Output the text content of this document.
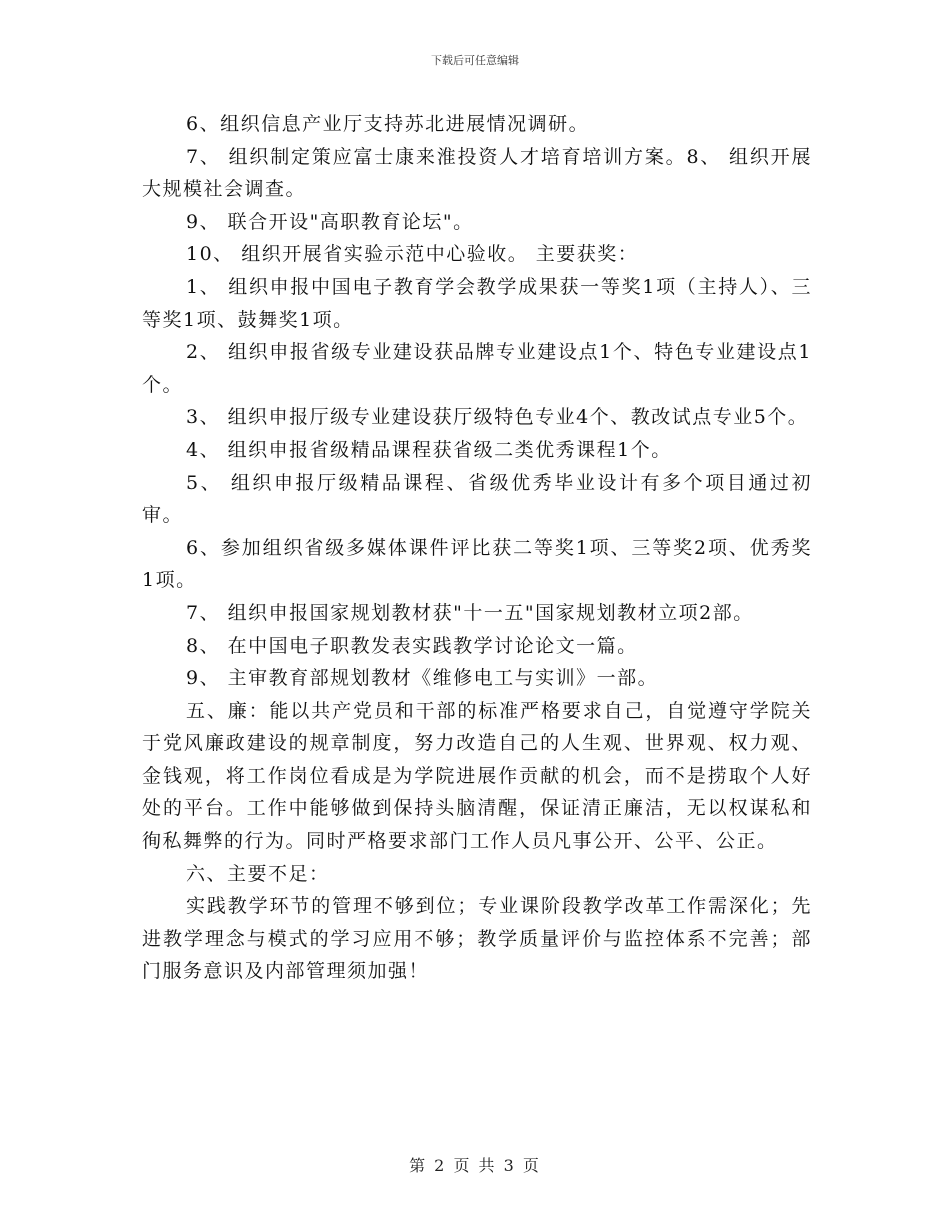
下载后可任意编辑

6、组织信息产业厅支持苏北进展情况调研。

7、 组织制定策应富士康来淮投资人才培育培训方案。8、 组织开展大规模社会调查。

9、 联合开设"高职教育论坛"。

10、 组织开展省实验示范中心验收。 主要获奖：

1、 组织申报中国电子教育学会教学成果获一等奖1项（主持人）、三等奖1项、鼓舞奖1项。

2、 组织申报省级专业建设获品牌专业建设点1个、特色专业建设点1个。

3、 组织申报厅级专业建设获厅级特色专业4个、教改试点专业5个。

4、 组织申报省级精品课程获省级二类优秀课程1个。

5、 组织申报厅级精品课程、省级优秀毕业设计有多个项目通过初审。

6、参加组织省级多媒体课件评比获二等奖1项、三等奖2项、优秀奖1项。

7、 组织申报国家规划教材获"十一五"国家规划教材立项2部。

8、 在中国电子职教发表实践教学讨论论文一篇。

9、 主审教育部规划教材《维修电工与实训》一部。

五、廉：能以共产党员和干部的标准严格要求自己，自觉遵守学院关于党风廉政建设的规章制度，努力改造自己的人生观、世界观、权力观、金钱观，将工作岗位看成是为学院进展作贡献的机会，而不是捞取个人好处的平台。工作中能够做到保持头脑清醒，保证清正廉洁，无以权谋私和徇私舞弊的行为。同时严格要求部门工作人员凡事公开、公平、公正。

六、主要不足：

实践教学环节的管理不够到位；专业课阶段教学改革工作需深化；先进教学理念与模式的学习应用不够；教学质量评价与监控体系不完善；部门服务意识及内部管理须加强！

第 2 页 共 3 页
